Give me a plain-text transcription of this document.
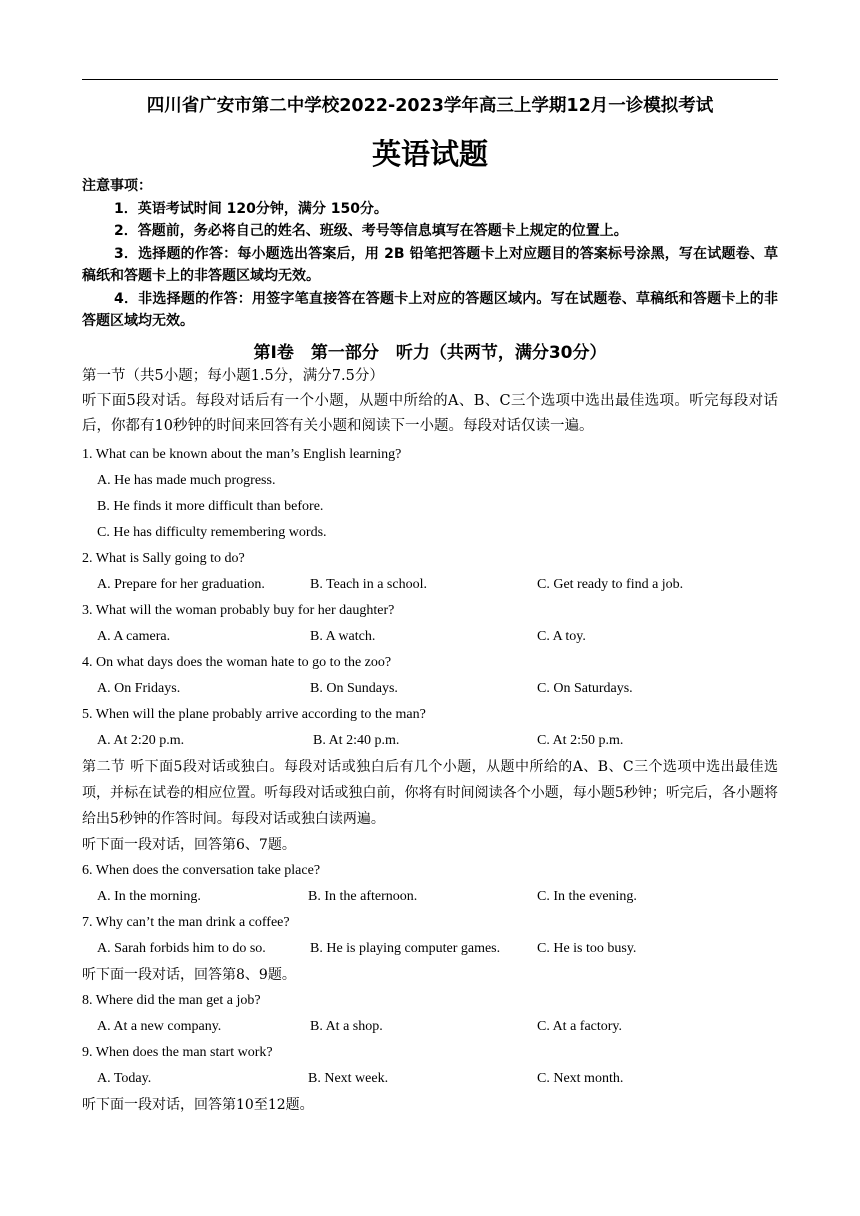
四川省广安市第二中学校2022-2023学年高三上学期12月一诊模拟考试
英语试题

注意事项：

1．英语考试时间 120分钟，满分 150分。

2．答题前，务必将自己的姓名、班级、考号等信息填写在答题卡上规定的位置上。

3．选择题的作答：每小题选出答案后，用 2B 铅笔把答题卡上对应题目的答案标号涂黑，写在试题卷、草稿纸和答题卡上的非答题区域均无效。

4．非选择题的作答：用签字笔直接答在答题卡上对应的答题区域内。写在试题卷、草稿纸和答题卡上的非答题区域均无效。

第Ⅰ卷　第一部分　听力（共两节，满分30分）

第一节（共5小题；每小题1.5分，满分7.5分）

听下面5段对话。每段对话后有一个小题，从题中所给的A、B、C三个选项中选出最佳选项。听完每段对话后，你都有10秒钟的时间来回答有关小题和阅读下一小题。每段对话仅读一遍。

1. What can be known about the man’s English learning?

A. He has made much progress.

B. He finds it more difficult than before.

C. He has difficulty remembering words.

2. What is Sally going to do?

A. Prepare for her graduation.	B. Teach in a school.	C. Get ready to find a job.

3. What will the woman probably buy for her daughter?

A. A camera.	B. A watch.	C. A toy.

4. On what days does the woman hate to go to the zoo?

A. On Fridays.	B. On Sundays.	C. On Saturdays.

5. When will the plane probably arrive according to the man?

A. At 2:20 p.m.	B. At 2:40 p.m.	C. At 2:50 p.m.

第二节 听下面5段对话或独白。每段对话或独白后有几个小题，从题中所给的A、B、C三个选项中选出最佳选项，并标在试卷的相应位置。听每段对话或独白前，你将有时间阅读各个小题，每小题5秒钟；听完后，各小题将给出5秒钟的作答时间。每段对话或独白读两遍。

听下面一段对话，回答第6、7题。

6. When does the conversation take place?

A. In the morning.	B. In the afternoon.	C. In the evening.

7. Why can’t the man drink a coffee?

A. Sarah forbids him to do so.	B. He is playing computer games.	C. He is too busy.

听下面一段对话，回答第8、9题。

8. Where did the man get a job?

A. At a new company.	B. At a shop.	C. At a factory.

9. When does the man start work?

A. Today.	B. Next week.	C. Next month.

听下面一段对话，回答第10至12题。
